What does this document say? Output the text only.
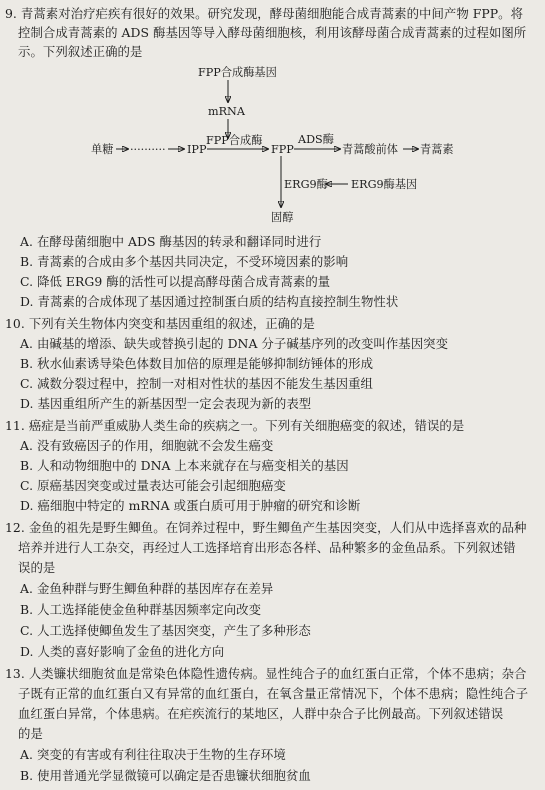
9. 青蒿素对治疗疟疾有很好的效果。研究发现，酵母菌细胞能合成青蒿素的中间产物 FPP。将
控制合成青蒿素的 ADS 酶基因等导入酵母菌细胞核，利用该酵母菌合成青蒿素的过程如图所
示。下列叙述正确的是
FPP合成酶基因
mRNA
单糖 ·········· IPP
FPP合成酶
FPP
ADS酶
青蒿酸前体 青蒿素
ERG9酶 ERG9酶基因
固醇
A. 在酵母菌细胞中 ADS 酶基因的转录和翻译同时进行
B. 青蒿素的合成由多个基因共同决定，不受环境因素的影响
C. 降低 ERG9 酶的活性可以提高酵母菌合成青蒿素的量
D. 青蒿素的合成体现了基因通过控制蛋白质的结构直接控制生物性状
10. 下列有关生物体内突变和基因重组的叙述，正确的是
A. 由碱基的增添、缺失或替换引起的 DNA 分子碱基序列的改变叫作基因突变
B. 秋水仙素诱导染色体数目加倍的原理是能够抑制纺锤体的形成
C. 减数分裂过程中，控制一对相对性状的基因不能发生基因重组
D. 基因重组所产生的新基因型一定会表现为新的表型
11. 癌症是当前严重威胁人类生命的疾病之一。下列有关细胞癌变的叙述，错误的是
A. 没有致癌因子的作用，细胞就不会发生癌变
B. 人和动物细胞中的 DNA 上本来就存在与癌变相关的基因
C. 原癌基因突变或过量表达可能会引起细胞癌变
D. 癌细胞中特定的 mRNA 或蛋白质可用于肿瘤的研究和诊断
12. 金鱼的祖先是野生鲫鱼。在饲养过程中，野生鲫鱼产生基因突变，人们从中选择喜欢的品种
培养并进行人工杂交，再经过人工选择培育出形态各样、品种繁多的金鱼品系。下列叙述错
误的是
A. 金鱼种群与野生鲫鱼种群的基因库存在差异
B. 人工选择能使金鱼种群基因频率定向改变
C. 人工选择使鲫鱼发生了基因突变，产生了多种形态
D. 人类的喜好影响了金鱼的进化方向
13. 人类镰状细胞贫血是常染色体隐性遗传病。显性纯合子的血红蛋白正常，个体不患病；杂合
子既有正常的血红蛋白又有异常的血红蛋白，在氧含量正常情况下，个体不患病；隐性纯合子
血红蛋白异常，个体患病。在疟疾流行的某地区，人群中杂合子比例最高。下列叙述错误
的是
A. 突变的有害或有利往往取决于生物的生存环境
B. 使用普通光学显微镜可以确定是否患镰状细胞贫血
